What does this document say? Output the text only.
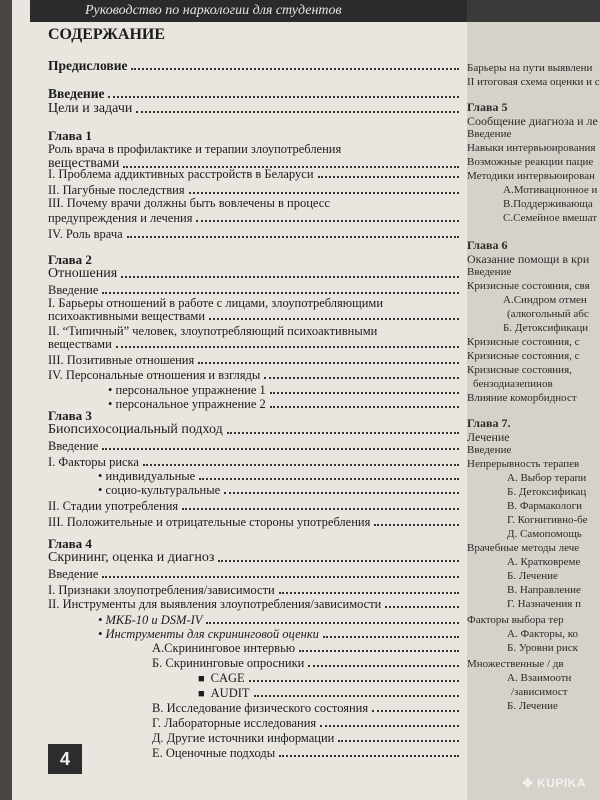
Руководство по наркологии для студентов
СОДЕРЖАНИЕ
Предисловие
Введение
Цели и задачи
Глава 1
Роль врача в профилактике и терапии злоупотребления
веществами
I. Проблема аддиктивных расстройств в Беларуси
II. Пагубные последствия
III. Почему врачи должны быть вовлечены в процесс
предупреждения и лечения
IV. Роль врача
Глава 2
Отношения
Введение
I. Барьеры отношений в работе с лицами, злоупотребляющими
психоактивными веществами
II. “Типичный” человек, злоупотребляющий психоактивными
веществами
III. Позитивные отношения
IV. Персональные отношения и взгляды
• персональное упражнение 1
• персональное упражнение 2
Глава 3
Биопсихосоциальный подход
Введение
I. Факторы риска
• индивидуальные
• социо-культуральные
II. Стадии употребления
III. Положительные и отрицательные стороны употребления
Глава 4
Скрининг, оценка и диагноз
Введение
I. Признаки злоупотребления/зависимости
II. Инструменты для выявления злоупотребления/зависимости
• МКБ-10 и DSM-IV
• Инструменты для скрининговой оценки
А.Скрининговое интервью
Б. Скрининговые опросники
■ CAGE
■ AUDIT
В. Исследование физического состояния
Г. Лабораторные исследования
Д. Другие источники информации
Е. Оценочные подходы
4
Барьеры на пути выявлени
II итоговая схема оценки и с
Глава 5
Сообщение диагноза и ле
Введение
Навыки интервьюирования
Возможные реакции пацие
Методики интервьюирован
А.Мотивационное и
В.Поддерживающа
С.Семейное вмешат
Глава 6
Оказание помощи в кри
Введение
Кризисные состояния, свя
А.Синдром отмен
(алкогольный абс
Б. Детоксификаци
Кризисные состояния, с
Кризисные состояния, с
Кризисные состояния,
бензодиазепинов
Влияние коморбидност
Глава 7.
Лечение
Введение
Непрерывность терапев
А. Выбор терапи
Б. Детоксификац
В. Фармакологи
Г. Когнитивно-бе
Д. Самопомощь
Врачебные методы лече
А. Кратковреме
Б. Лечение
В. Направление
Г. Назначения п
Факторы выбора тер
А. Факторы, ко
Б. Уровни риск
Множественные / дв
А. Взаимоотн
/зависимост
Б. Лечение
✤ KUPIKA
